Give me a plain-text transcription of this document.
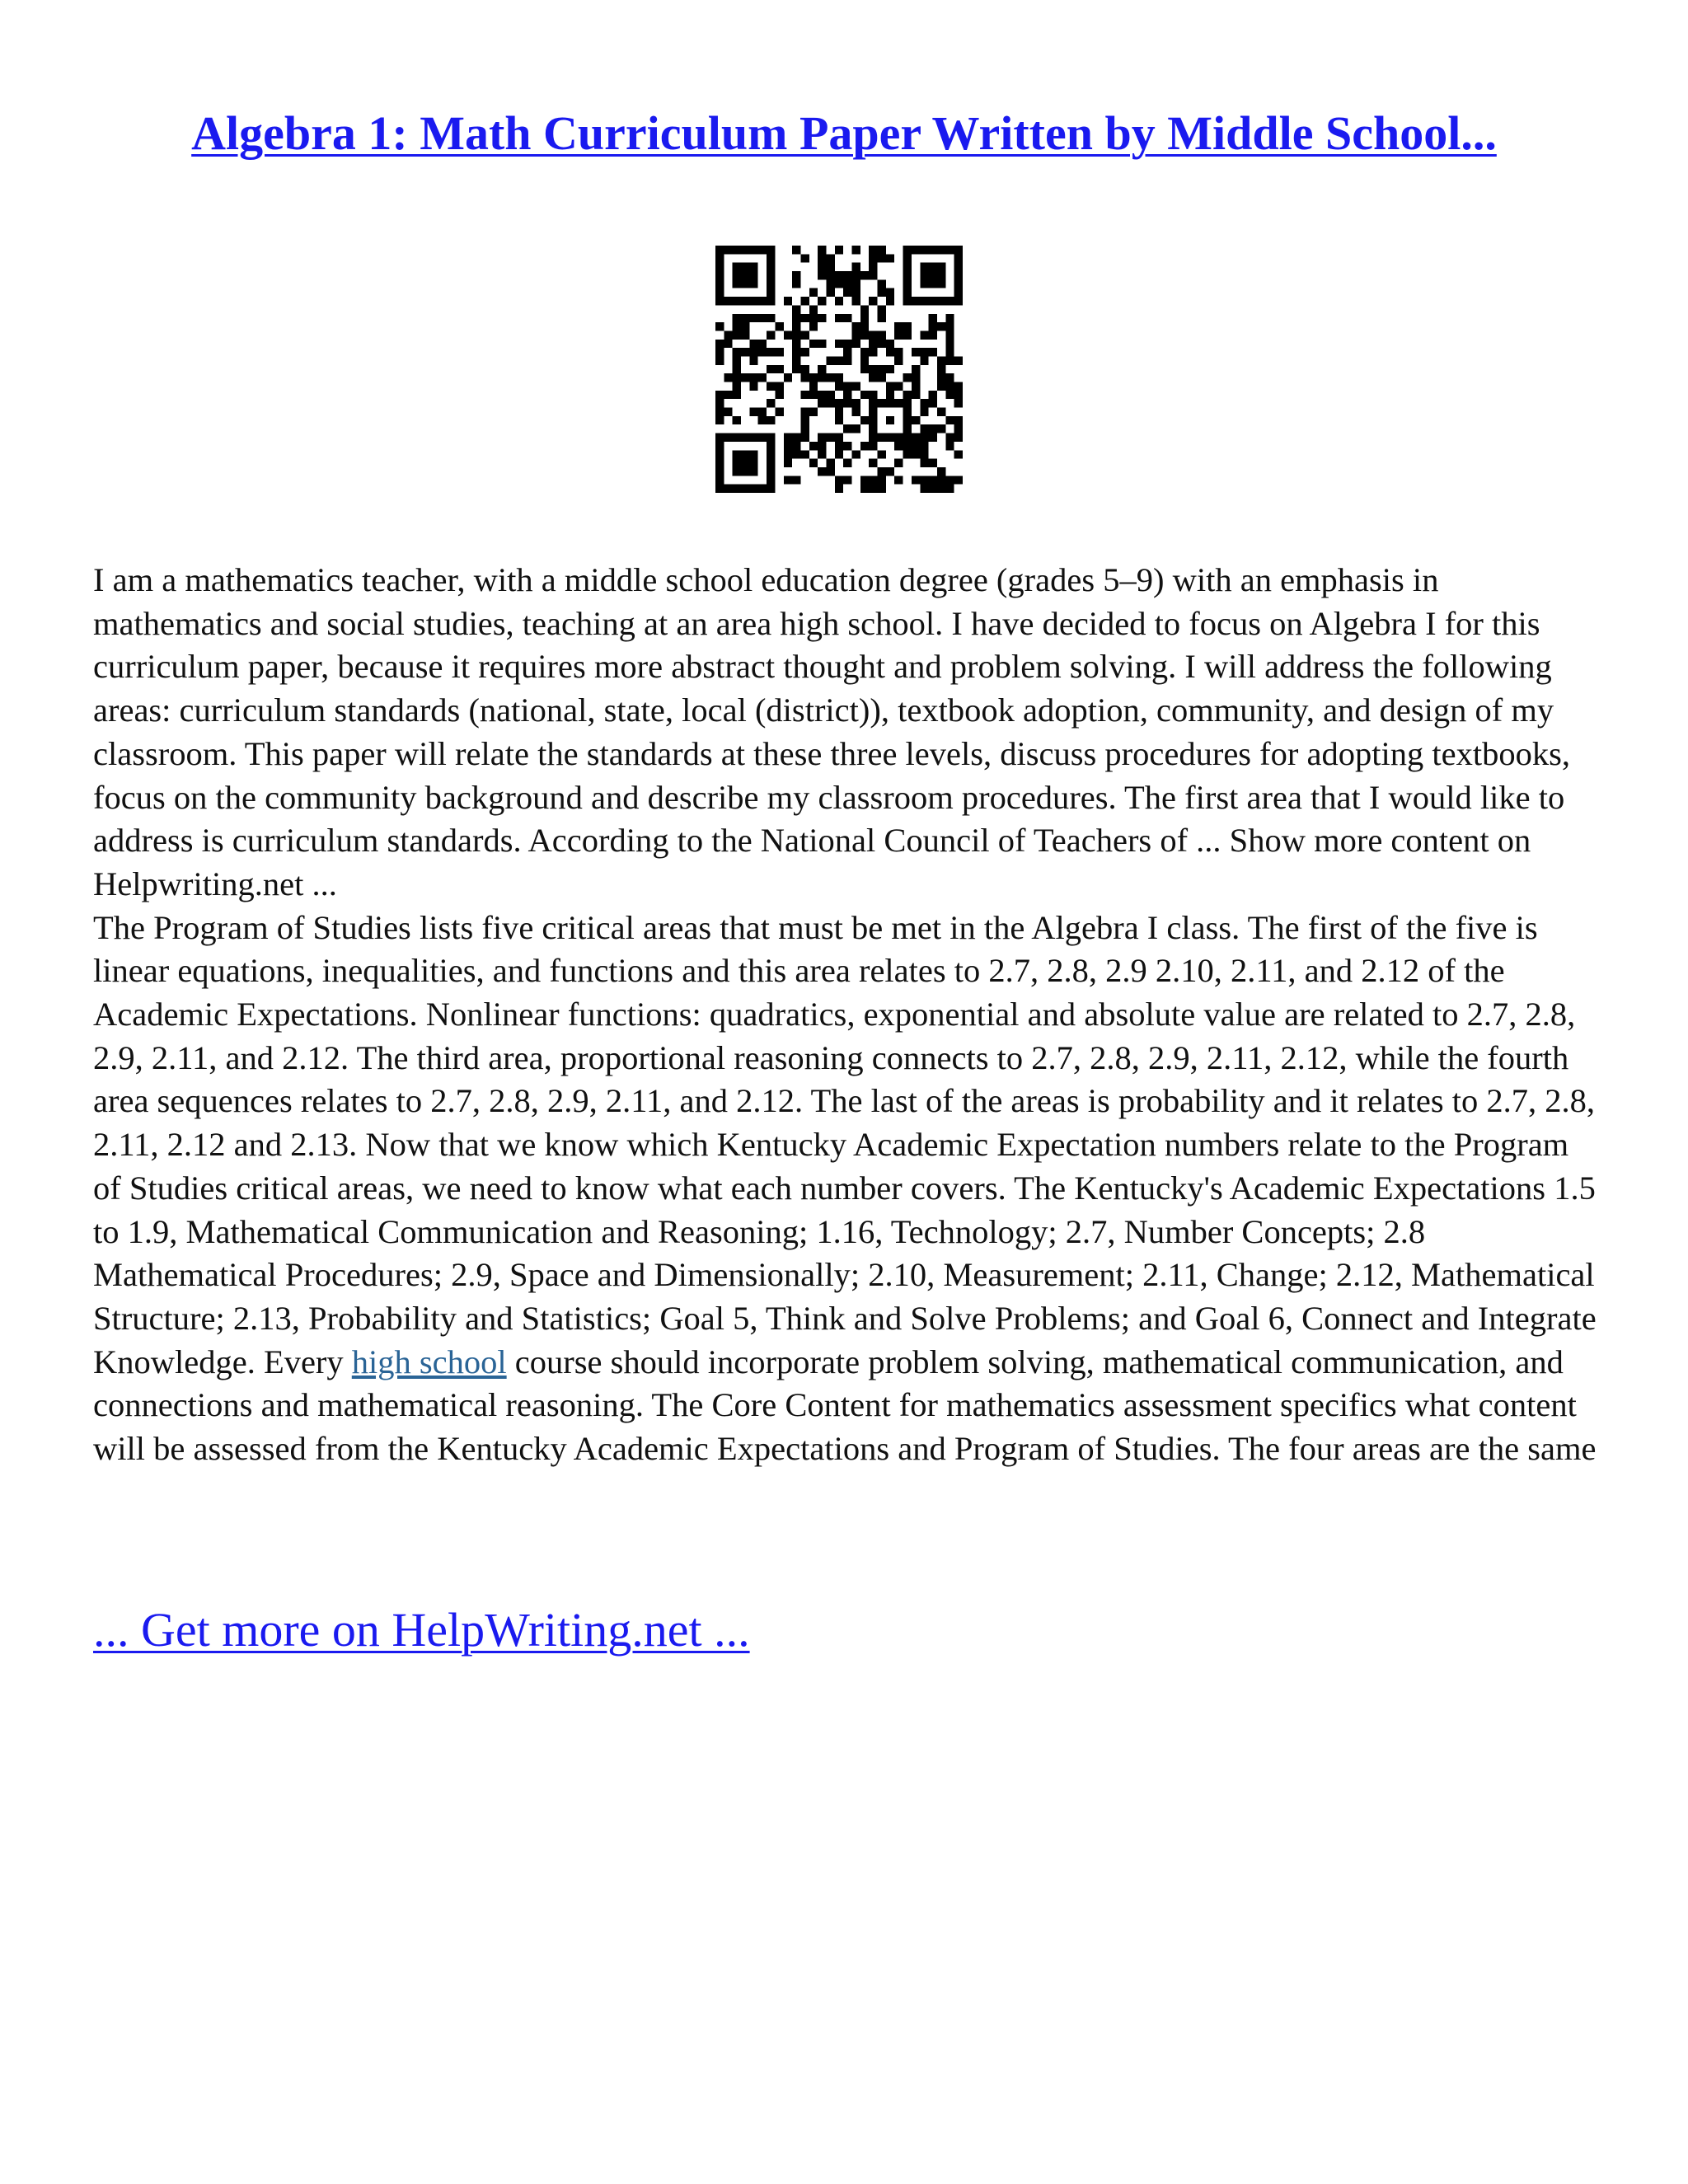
Algebra 1: Math Curriculum Paper Written by Middle School...

I am a mathematics teacher, with a middle school education degree (grades 5–9) with an emphasis in mathematics and social studies, teaching at an area high school. I have decided to focus on Algebra I for this curriculum paper, because it requires more abstract thought and problem solving. I will address the following areas: curriculum standards (national, state, local (district)), textbook adoption, community, and design of my classroom. This paper will relate the standards at these three levels, discuss procedures for adopting textbooks, focus on the community background and describe my classroom procedures. The first area that I would like to address is curriculum standards. According to the National Council of Teachers of ... Show more content on Helpwriting.net ...

The Program of Studies lists five critical areas that must be met in the Algebra I class. The first of the five is linear equations, inequalities, and functions and this area relates to 2.7, 2.8, 2.9 2.10, 2.11, and 2.12 of the Academic Expectations. Nonlinear functions: quadratics, exponential and absolute value are related to 2.7, 2.8, 2.9, 2.11, and 2.12. The third area, proportional reasoning connects to 2.7, 2.8, 2.9, 2.11, 2.12, while the fourth area sequences relates to 2.7, 2.8, 2.9, 2.11, and 2.12. The last of the areas is probability and it relates to 2.7, 2.8, 2.11, 2.12 and 2.13. Now that we know which Kentucky Academic Expectation numbers relate to the Program of Studies critical areas, we need to know what each number covers. The Kentucky's Academic Expectations 1.5 to 1.9, Mathematical Communication and Reasoning; 1.16, Technology; 2.7, Number Concepts; 2.8 Mathematical Procedures; 2.9, Space and Dimensionally; 2.10, Measurement; 2.11, Change; 2.12, Mathematical Structure; 2.13, Probability and Statistics; Goal 5, Think and Solve Problems; and Goal 6, Connect and Integrate Knowledge. Every high school course should incorporate problem solving, mathematical communication, and connections and mathematical reasoning. The Core Content for mathematics assessment specifics what content will be assessed from the Kentucky Academic Expectations and Program of Studies. The four areas are the same

... Get more on HelpWriting.net ...
